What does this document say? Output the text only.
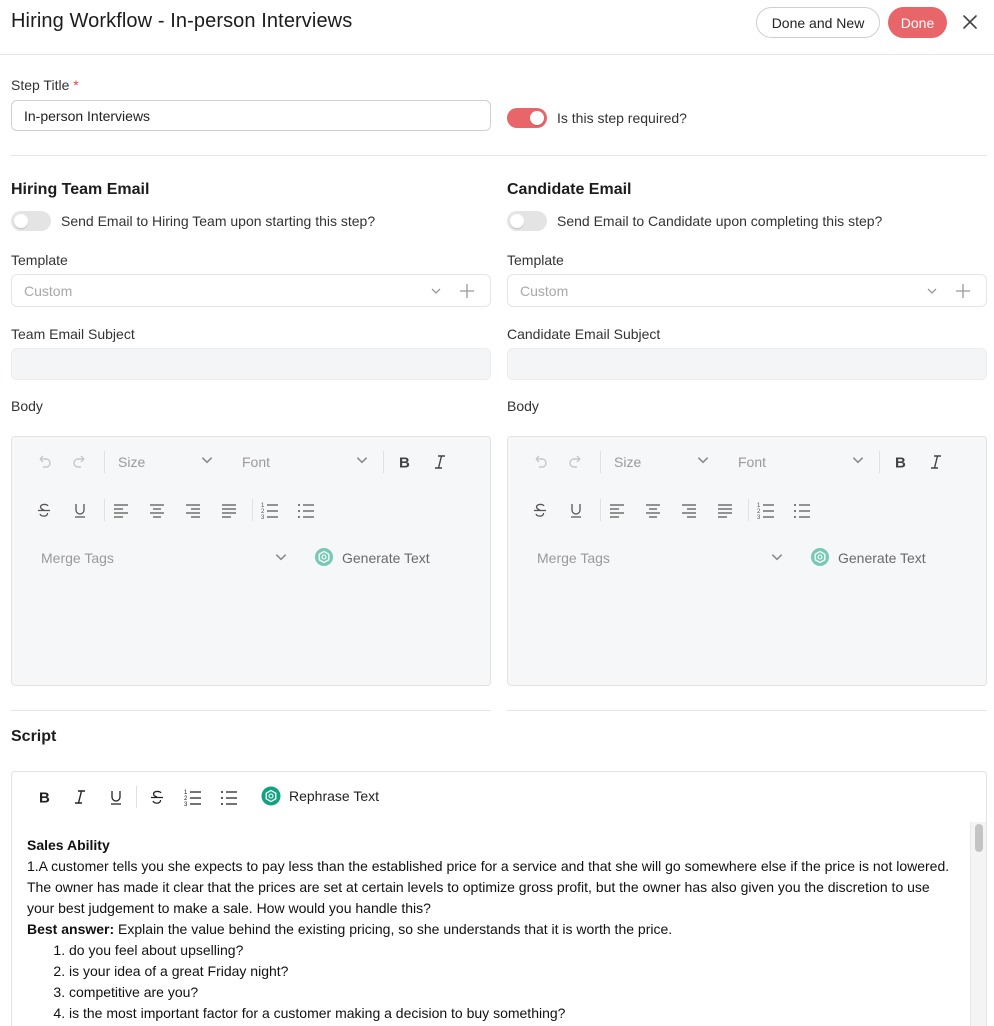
Hiring Workflow - In-person Interviews	Done and New	Done
Step Title *
In-person Interviews
Is this step required?
Hiring Team Email
Send Email to Hiring Team upon starting this step?
Template
Custom
Team Email Subject
Body
Size	Font	B
1
2
3
Merge Tags	Generate Text
Candidate Email
Send Email to Candidate upon completing this step?
Template
Custom
Candidate Email Subject
Body
Size	Font	B
1
2
3
Merge Tags	Generate Text
Script
B	1
2
3
Rephrase Text
Sales Ability
1.A customer tells you she expects to pay less than the established price for a service and that she will go somewhere else if the price is not lowered. The owner has made it clear that the prices are set at certain levels to optimize gross profit, but the owner has also given you the discretion to use your best judgement to make a sale. How would you handle this?
Best answer: Explain the value behind the existing pricing, so she understands that it is worth the price.
1. do you feel about upselling?
2. is your idea of a great Friday night?
3. competitive are you?
4. is the most important factor for a customer making a decision to buy something?
